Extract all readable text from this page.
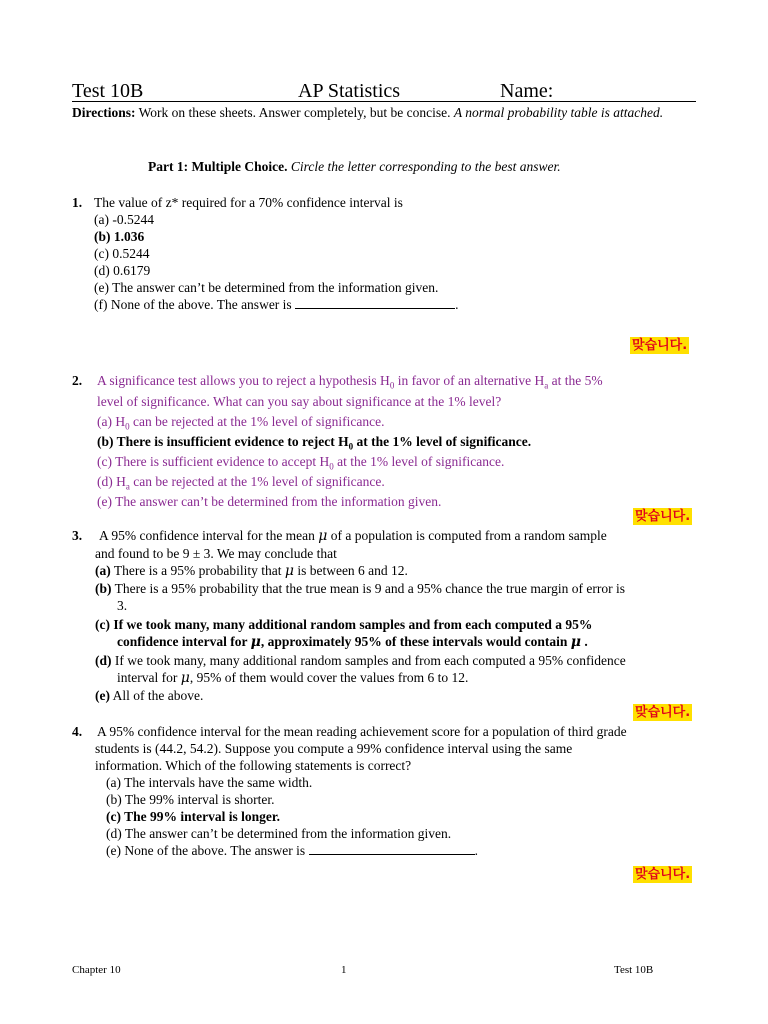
Test 10B	AP Statistics	Name:
Directions: Work on these sheets. Answer completely, but be concise. A normal probability table is attached.
Part 1: Multiple Choice. Circle the letter corresponding to the best answer.
1. The value of z* required for a 70% confidence interval is
(a) -0.5244
(b) 1.036
(c) 0.5244
(d) 0.6179
(e) The answer can’t be determined from the information given.
(f) None of the above. The answer is	.
맞습니다.
2. A significance test allows you to reject a hypothesis $H_0$ in favor of an alternative $H_a$ at the 5%
level of significance. What can you say about significance at the 1% level?
(a) $H_0$ can be rejected at the 1% level of significance.
(b) There is insufficient evidence to reject $H_0$ at the 1% level of significance.
(c) There is sufficient evidence to accept $H_0$ at the 1% level of significance.
(d) $H_a$ can be rejected at the 1% level of significance.
(e) The answer can’t be determined from the information given.
맞습니다.
3.	A 95% confidence interval for the mean μ of a population is computed from a random sample
and found to be 9 ± 3. We may conclude that
(a) There is a 95% probability that μ is between 6 and 12.
(b) There is a 95% probability that the true mean is 9 and a 95% chance the true margin of error is
3.
(c) If we took many, many additional random samples and from each computed a 95%
confidence interval for μ, approximately 95% of these intervals would contain μ .
(d) If we took many, many additional random samples and from each computed a 95% confidence
interval for μ, 95% of them would cover the values from 6 to 12.
(e) All of the above.
맞습니다.
4. A 95% confidence interval for the mean reading achievement score for a population of third grade
students is (44.2, 54.2). Suppose you compute a 99% confidence interval using the same
information. Which of the following statements is correct?
(a) The intervals have the same width.
(b) The 99% interval is shorter.
(c) The 99% interval is longer.
(d) The answer can’t be determined from the information given.
(e) None of the above. The answer is	.
맞습니다.
Chapter 10	1	Test 10B
